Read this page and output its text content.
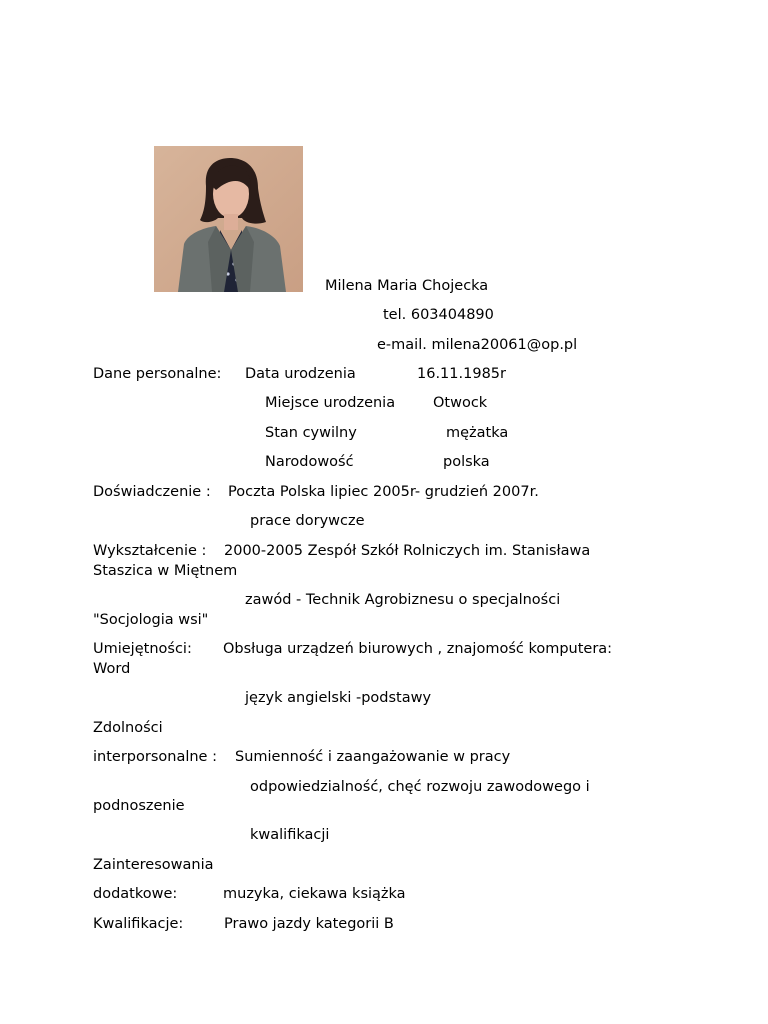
Milena Maria Chojecka
tel. 603404890
e-mail. milena20061@op.pl
Dane personalne: Data urodzenia	16.11.1985r
Miejsce urodzenia	Otwock
Stan cywilny	mężatka
Narodowość	polska
Doświadczenie : Poczta Polska lipiec 2005r- grudzień 2007r.
prace dorywcze
Wykształcenie : 2000-2005 Zespół Szkół Rolniczych im. Stanisława
Staszica w Miętnem
zawód - Technik Agrobiznesu o specjalności
"Socjologia wsi"
Umiejętności: Obsługa urządzeń biurowych , znajomość komputera:
Word
język angielski -podstawy
Zdolności
interporsonalne : Sumienność i zaangażowanie w pracy
odpowiedzialność, chęć rozwoju zawodowego i
podnoszenie
kwalifikacji
Zainteresowania
dodatkowe:	muzyka, ciekawa książka
Kwalifikacje:	Prawo jazdy kategorii B
